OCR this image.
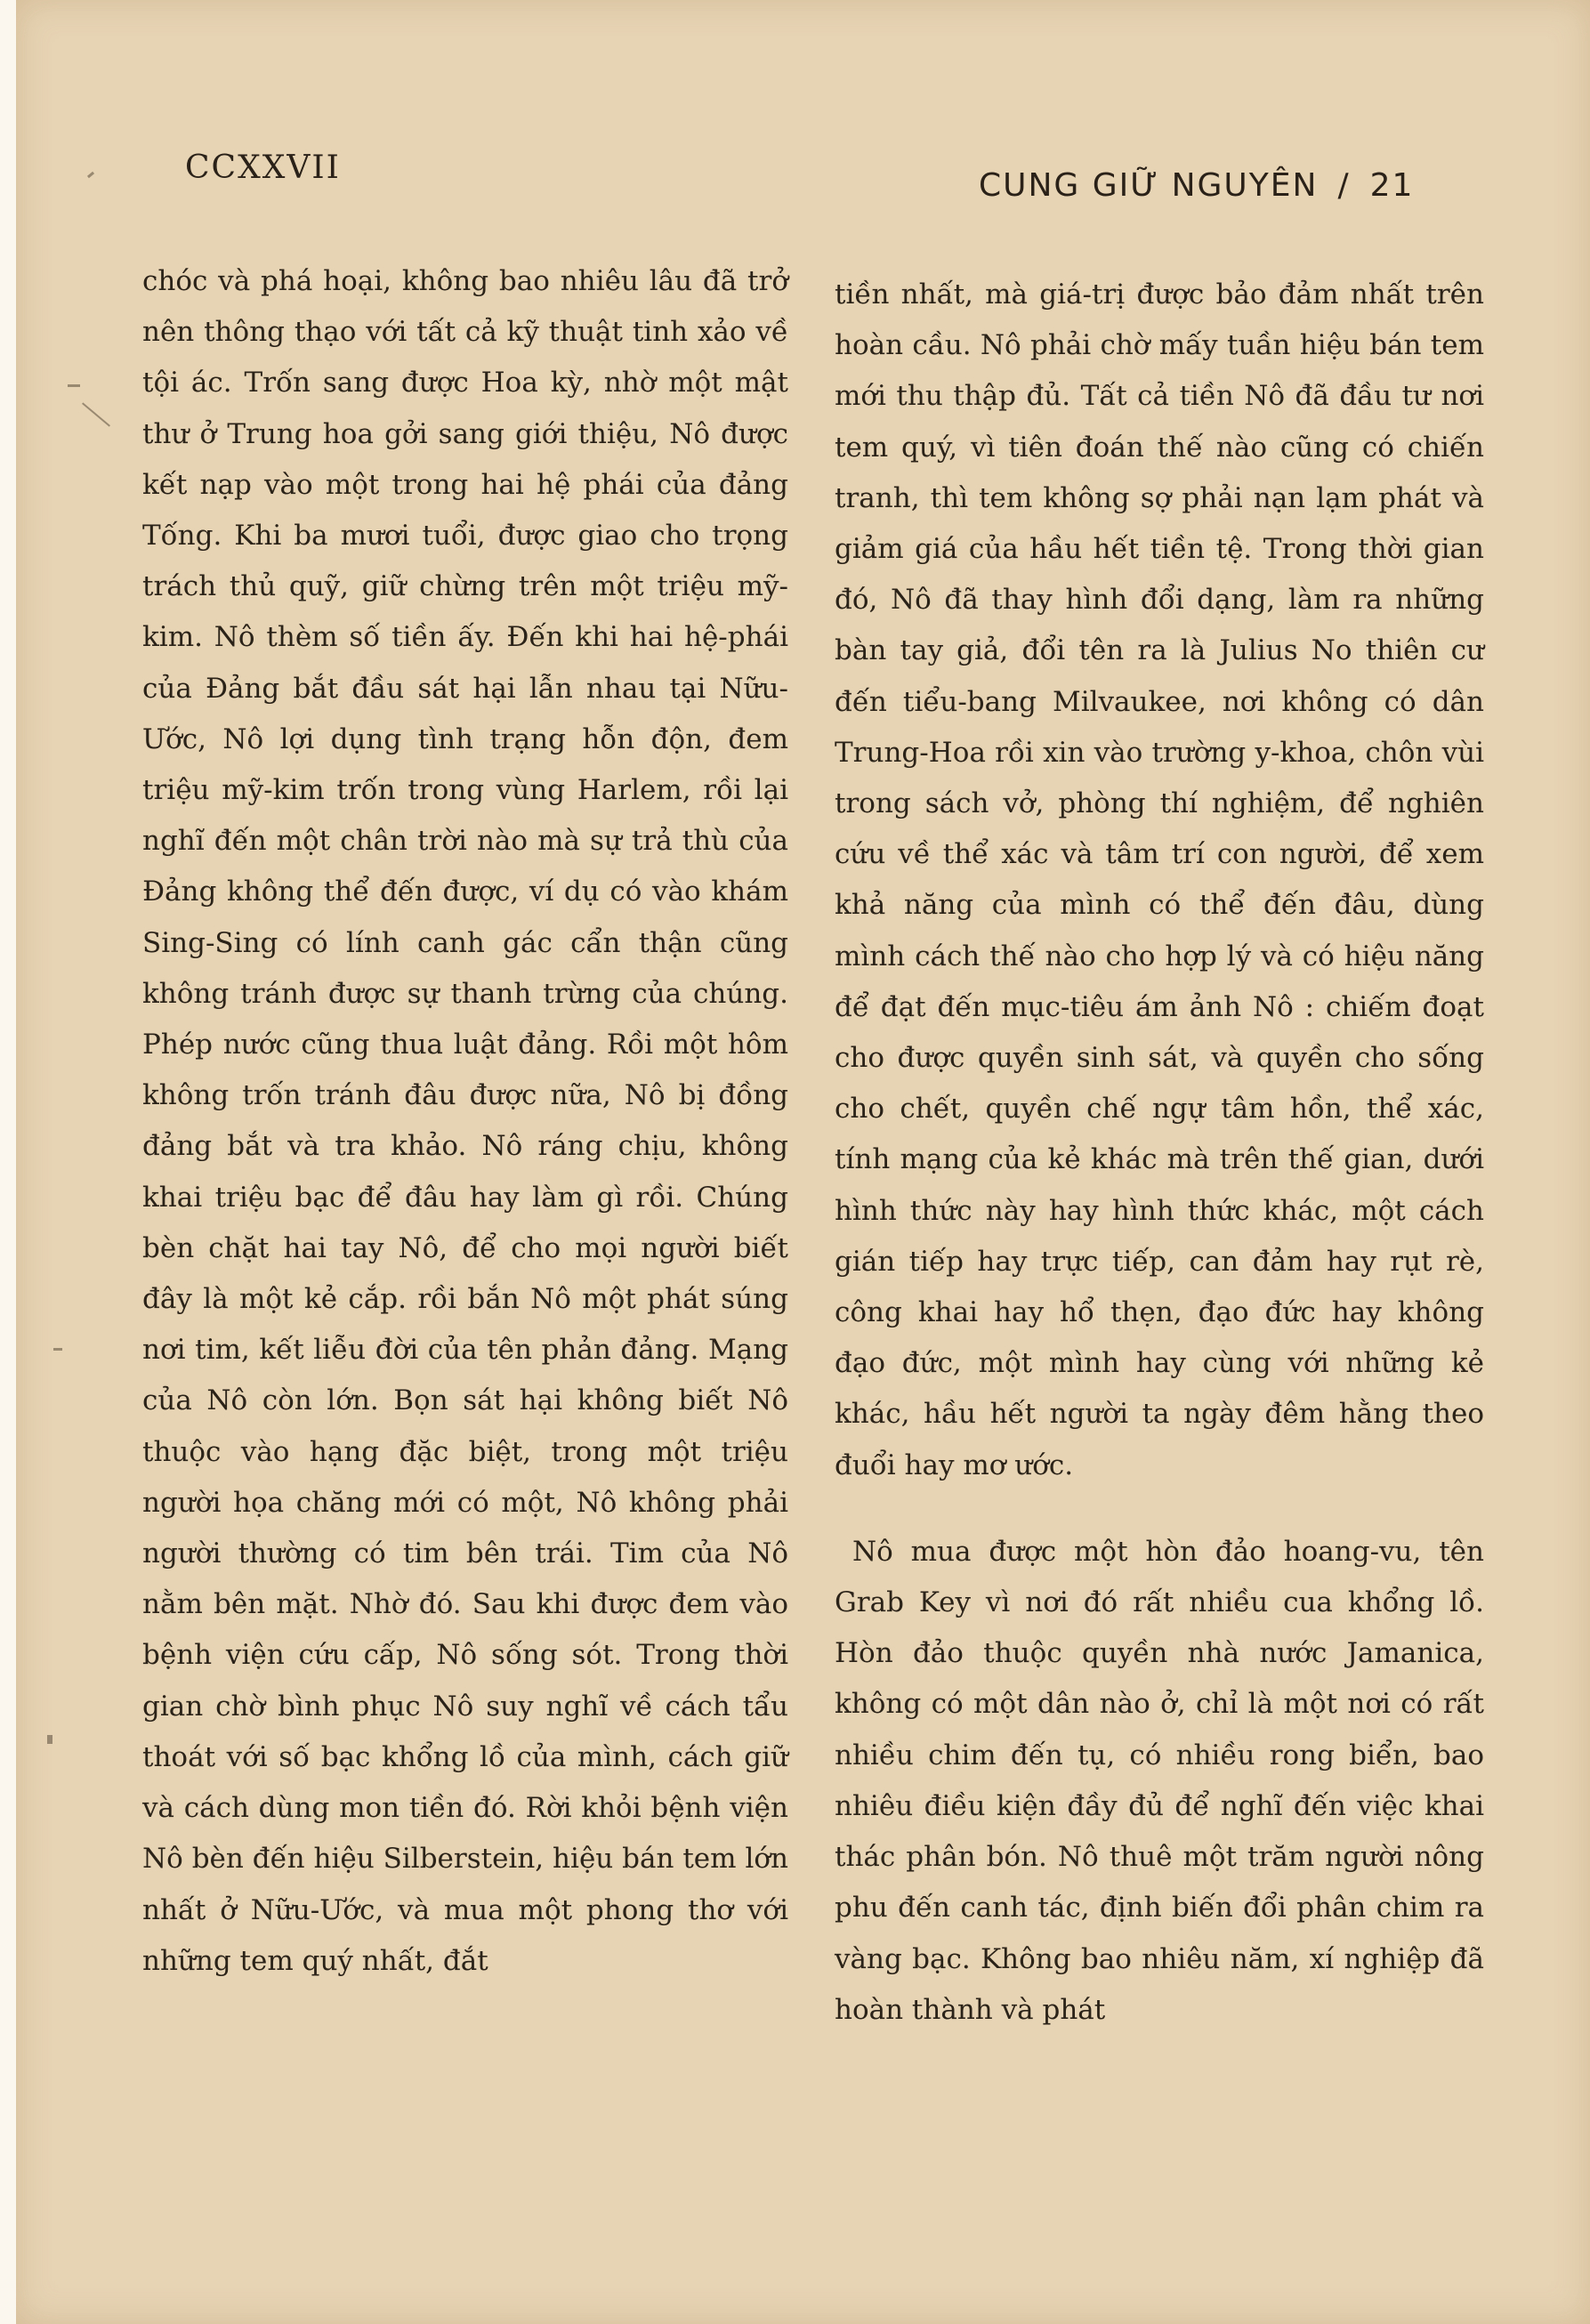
CCXXVII	CUNG GIỮ NGUYÊN / 21

chóc và phá hoại, không bao nhiêu lâu đã trở nên thông thạo với tất cả kỹ thuật tinh xảo về tội ác. Trốn sang được Hoa kỳ, nhờ một mật thư ở Trung hoa gởi sang giới thiệu, Nô được kết nạp vào một trong hai hệ phái của đảng Tống. Khi ba mươi tuổi, được giao cho trọng trách thủ quỹ, giữ chừng trên một triệu mỹ-kim. Nô thèm số tiền ấy. Đến khi hai hệ-phái của Đảng bắt đầu sát hại lẫn nhau tại Nữu-Ước, Nô lợi dụng tình trạng hỗn độn, đem triệu mỹ-kim trốn trong vùng Harlem, rồi lại nghĩ đến một chân trời nào mà sự trả thù của Đảng không thể đến được, ví dụ có vào khám Sing-Sing có lính canh gác cẩn thận cũng không tránh được sự thanh trừng của chúng. Phép nước cũng thua luật đảng. Rồi một hôm không trốn tránh đâu được nữa, Nô bị đồng đảng bắt và tra khảo. Nô ráng chịu, không khai triệu bạc để đâu hay làm gì rồi. Chúng bèn chặt hai tay Nô, để cho mọi người biết đây là một kẻ cắp. rồi bắn Nô một phát súng nơi tim, kết liễu đời của tên phản đảng. Mạng của Nô còn lớn. Bọn sát hại không biết Nô thuộc vào hạng đặc biệt, trong một triệu người họa chăng mới có một, Nô không phải người thường có tim bên trái. Tim của Nô nằm bên mặt. Nhờ đó. Sau khi được đem vào bệnh viện cứu cấp, Nô sống sót. Trong thời gian chờ bình phục Nô suy nghĩ về cách tẩu thoát với số bạc khổng lồ của mình, cách giữ và cách dùng mon tiền đó. Rời khỏi bệnh viện Nô bèn đến hiệu Silberstein, hiệu bán tem lớn nhất ở Nữu-Ước, và mua một phong thơ với những tem quý nhất, đắt

tiền nhất, mà giá-trị được bảo đảm nhất trên hoàn cầu. Nô phải chờ mấy tuần hiệu bán tem mới thu thập đủ. Tất cả tiền Nô đã đầu tư nơi tem quý, vì tiên đoán thế nào cũng có chiến tranh, thì tem không sợ phải nạn lạm phát và giảm giá của hầu hết tiền tệ. Trong thời gian đó, Nô đã thay hình đổi dạng, làm ra những bàn tay giả, đổi tên ra là Julius No thiên cư đến tiểu-bang Milvaukee, nơi không có dân Trung-Hoa rồi xin vào trường y-khoa, chôn vùi trong sách vở, phòng thí nghiệm, để nghiên cứu về thể xác và tâm trí con người, để xem khả năng của mình có thể đến đâu, dùng mình cách thế nào cho hợp lý và có hiệu năng để đạt đến mục-tiêu ám ảnh Nô : chiếm đoạt cho được quyền sinh sát, và quyền cho sống cho chết, quyền chế ngự tâm hồn, thể xác, tính mạng của kẻ khác mà trên thế gian, dưới hình thức này hay hình thức khác, một cách gián tiếp hay trực tiếp, can đảm hay rụt rè, công khai hay hổ thẹn, đạo đức hay không đạo đức, một mình hay cùng với những kẻ khác, hầu hết người ta ngày đêm hằng theo đuổi hay mơ ước.

Nô mua được một hòn đảo hoang-vu, tên Grab Key vì nơi đó rất nhiều cua khổng lồ. Hòn đảo thuộc quyền nhà nước Jamanica, không có một dân nào ở, chỉ là một nơi có rất nhiều chim đến tụ, có nhiều rong biển, bao nhiêu điều kiện đầy đủ để nghĩ đến việc khai thác phân bón. Nô thuê một trăm người nông phu đến canh tác, định biến đổi phân chim ra vàng bạc. Không bao nhiêu năm, xí nghiệp đã hoàn thành và phát
